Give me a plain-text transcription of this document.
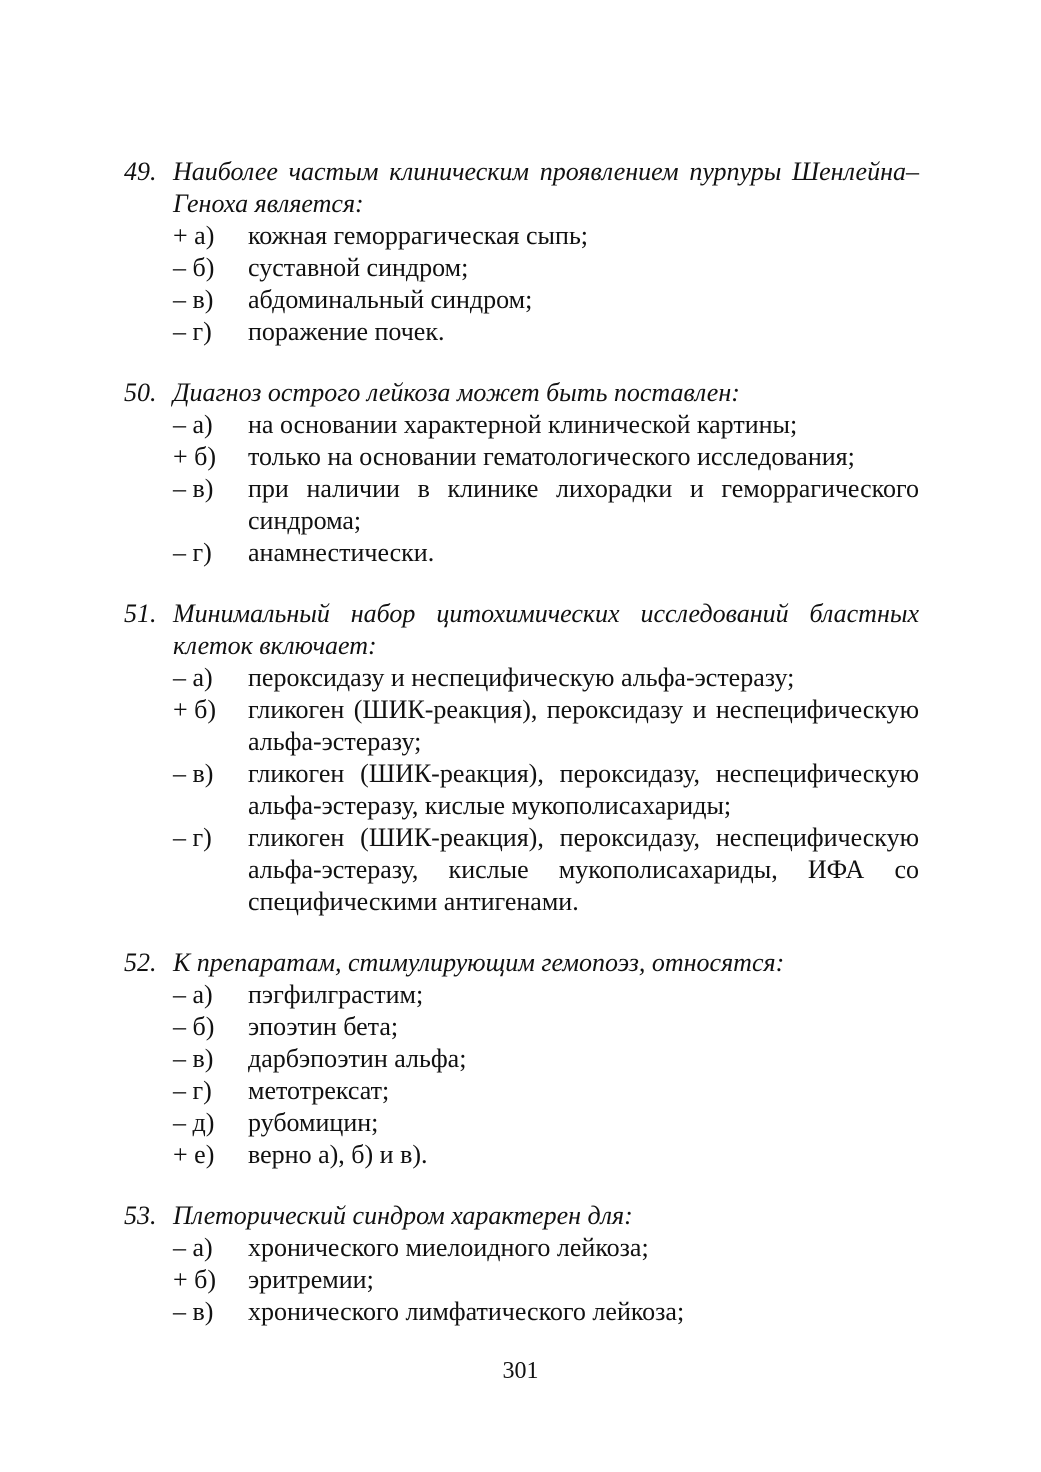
49. Наиболее частым клиническим проявлением пурпуры Шенлейна–Геноха является:
+ а)	кожная геморрагическая сыпь;
– б)	суставной синдром;
– в)	абдоминальный синдром;
– г)	поражение почек.
50. Диагноз острого лейкоза может быть поставлен:
– а)	на основании характерной клинической картины;
+ б)	только на основании гематологического исследования;
– в)	при наличии в клинике лихорадки и геморрагического синдрома;
– г)	анамнестически.
51. Минимальный набор цитохимических исследований бластных клеток включает:
– а)	пероксидазу и неспецифическую альфа-эстеразу;
+ б)	гликоген (ШИК-реакция), пероксидазу и неспецифическую альфа-эстеразу;
– в)	гликоген (ШИК-реакция), пероксидазу, неспецифическую альфа-эстеразу, кислые мукополисахариды;
– г)	гликоген (ШИК-реакция), пероксидазу, неспецифическую альфа-эстеразу, кислые мукополисахариды, ИФА со специфическими антигенами.
52. К препаратам, стимулирующим гемопоэз, относятся:
– а)	пэгфилграстим;
– б)	эпоэтин бета;
– в)	дарбэпоэтин альфа;
– г)	метотрексат;
– д)	рубомицин;
+ е)	верно а), б) и в).
53. Плеторический синдром характерен для:
– а)	хронического миелоидного лейкоза;
+ б)	эритремии;
– в)	хронического лимфатического лейкоза;
301
